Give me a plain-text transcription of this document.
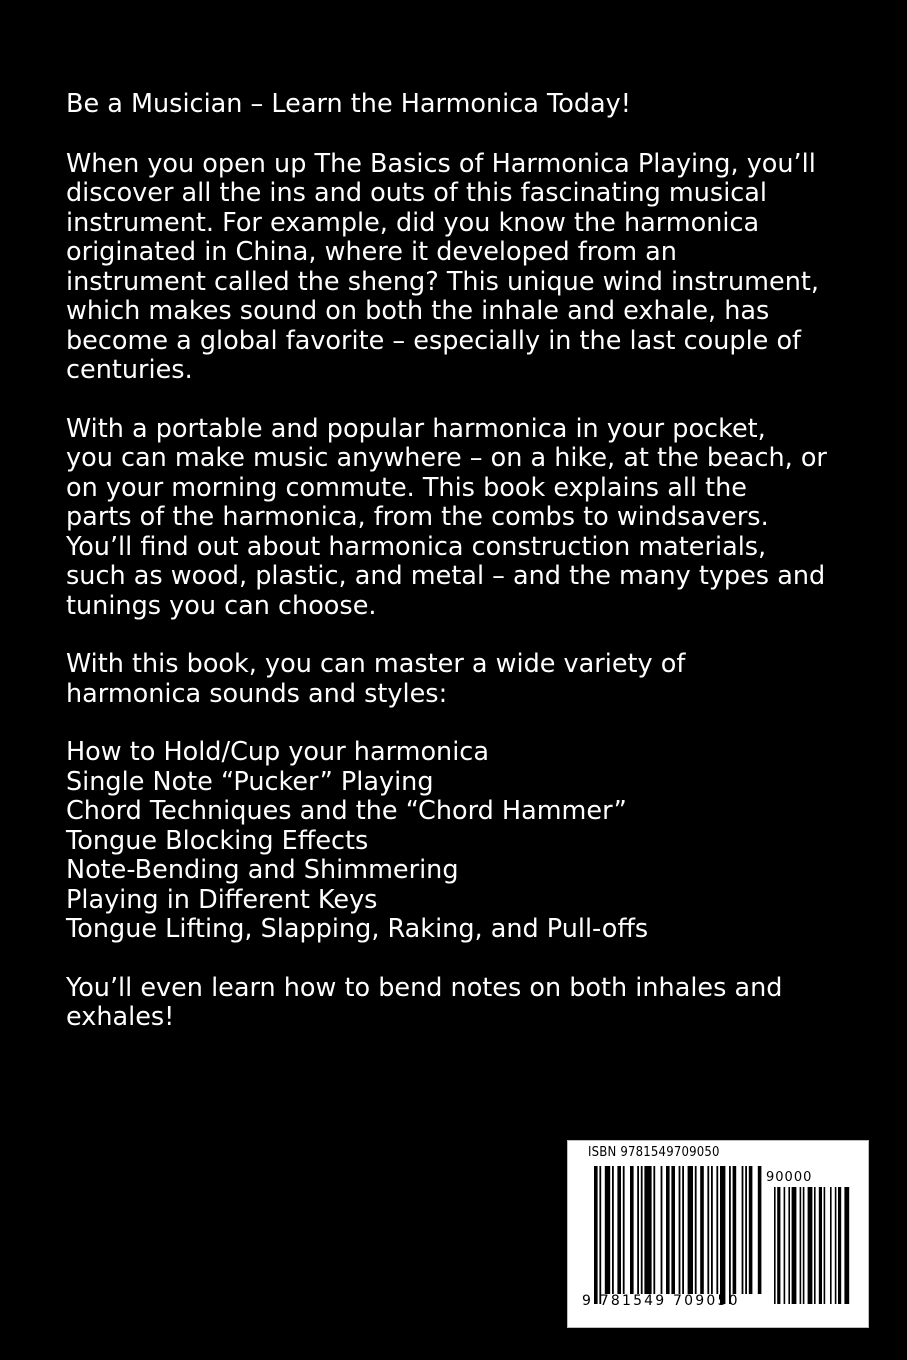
Be a Musician – Learn the Harmonica Today!

When you open up The Basics of Harmonica Playing, you’ll
discover all the ins and outs of this fascinating musical
instrument. For example, did you know the harmonica
originated in China, where it developed from an
instrument called the sheng? This unique wind instrument,
which makes sound on both the inhale and exhale, has
become a global favorite – especially in the last couple of
centuries.

With a portable and popular harmonica in your pocket,
you can make music anywhere – on a hike, at the beach, or
on your morning commute. This book explains all the
parts of the harmonica, from the combs to windsavers.
You’ll find out about harmonica construction materials,
such as wood, plastic, and metal – and the many types and
tunings you can choose.

With this book, you can master a wide variety of
harmonica sounds and styles:

How to Hold/Cup your harmonica
Single Note “Pucker” Playing
Chord Techniques and the “Chord Hammer”
Tongue Blocking Effects
Note-Bending and Shimmering
Playing in Different Keys
Tongue Lifting, Slapping, Raking, and Pull-offs

You’ll even learn how to bend notes on both inhales and
exhales!

ISBN 9781549709050
90000
9 781549 709050
